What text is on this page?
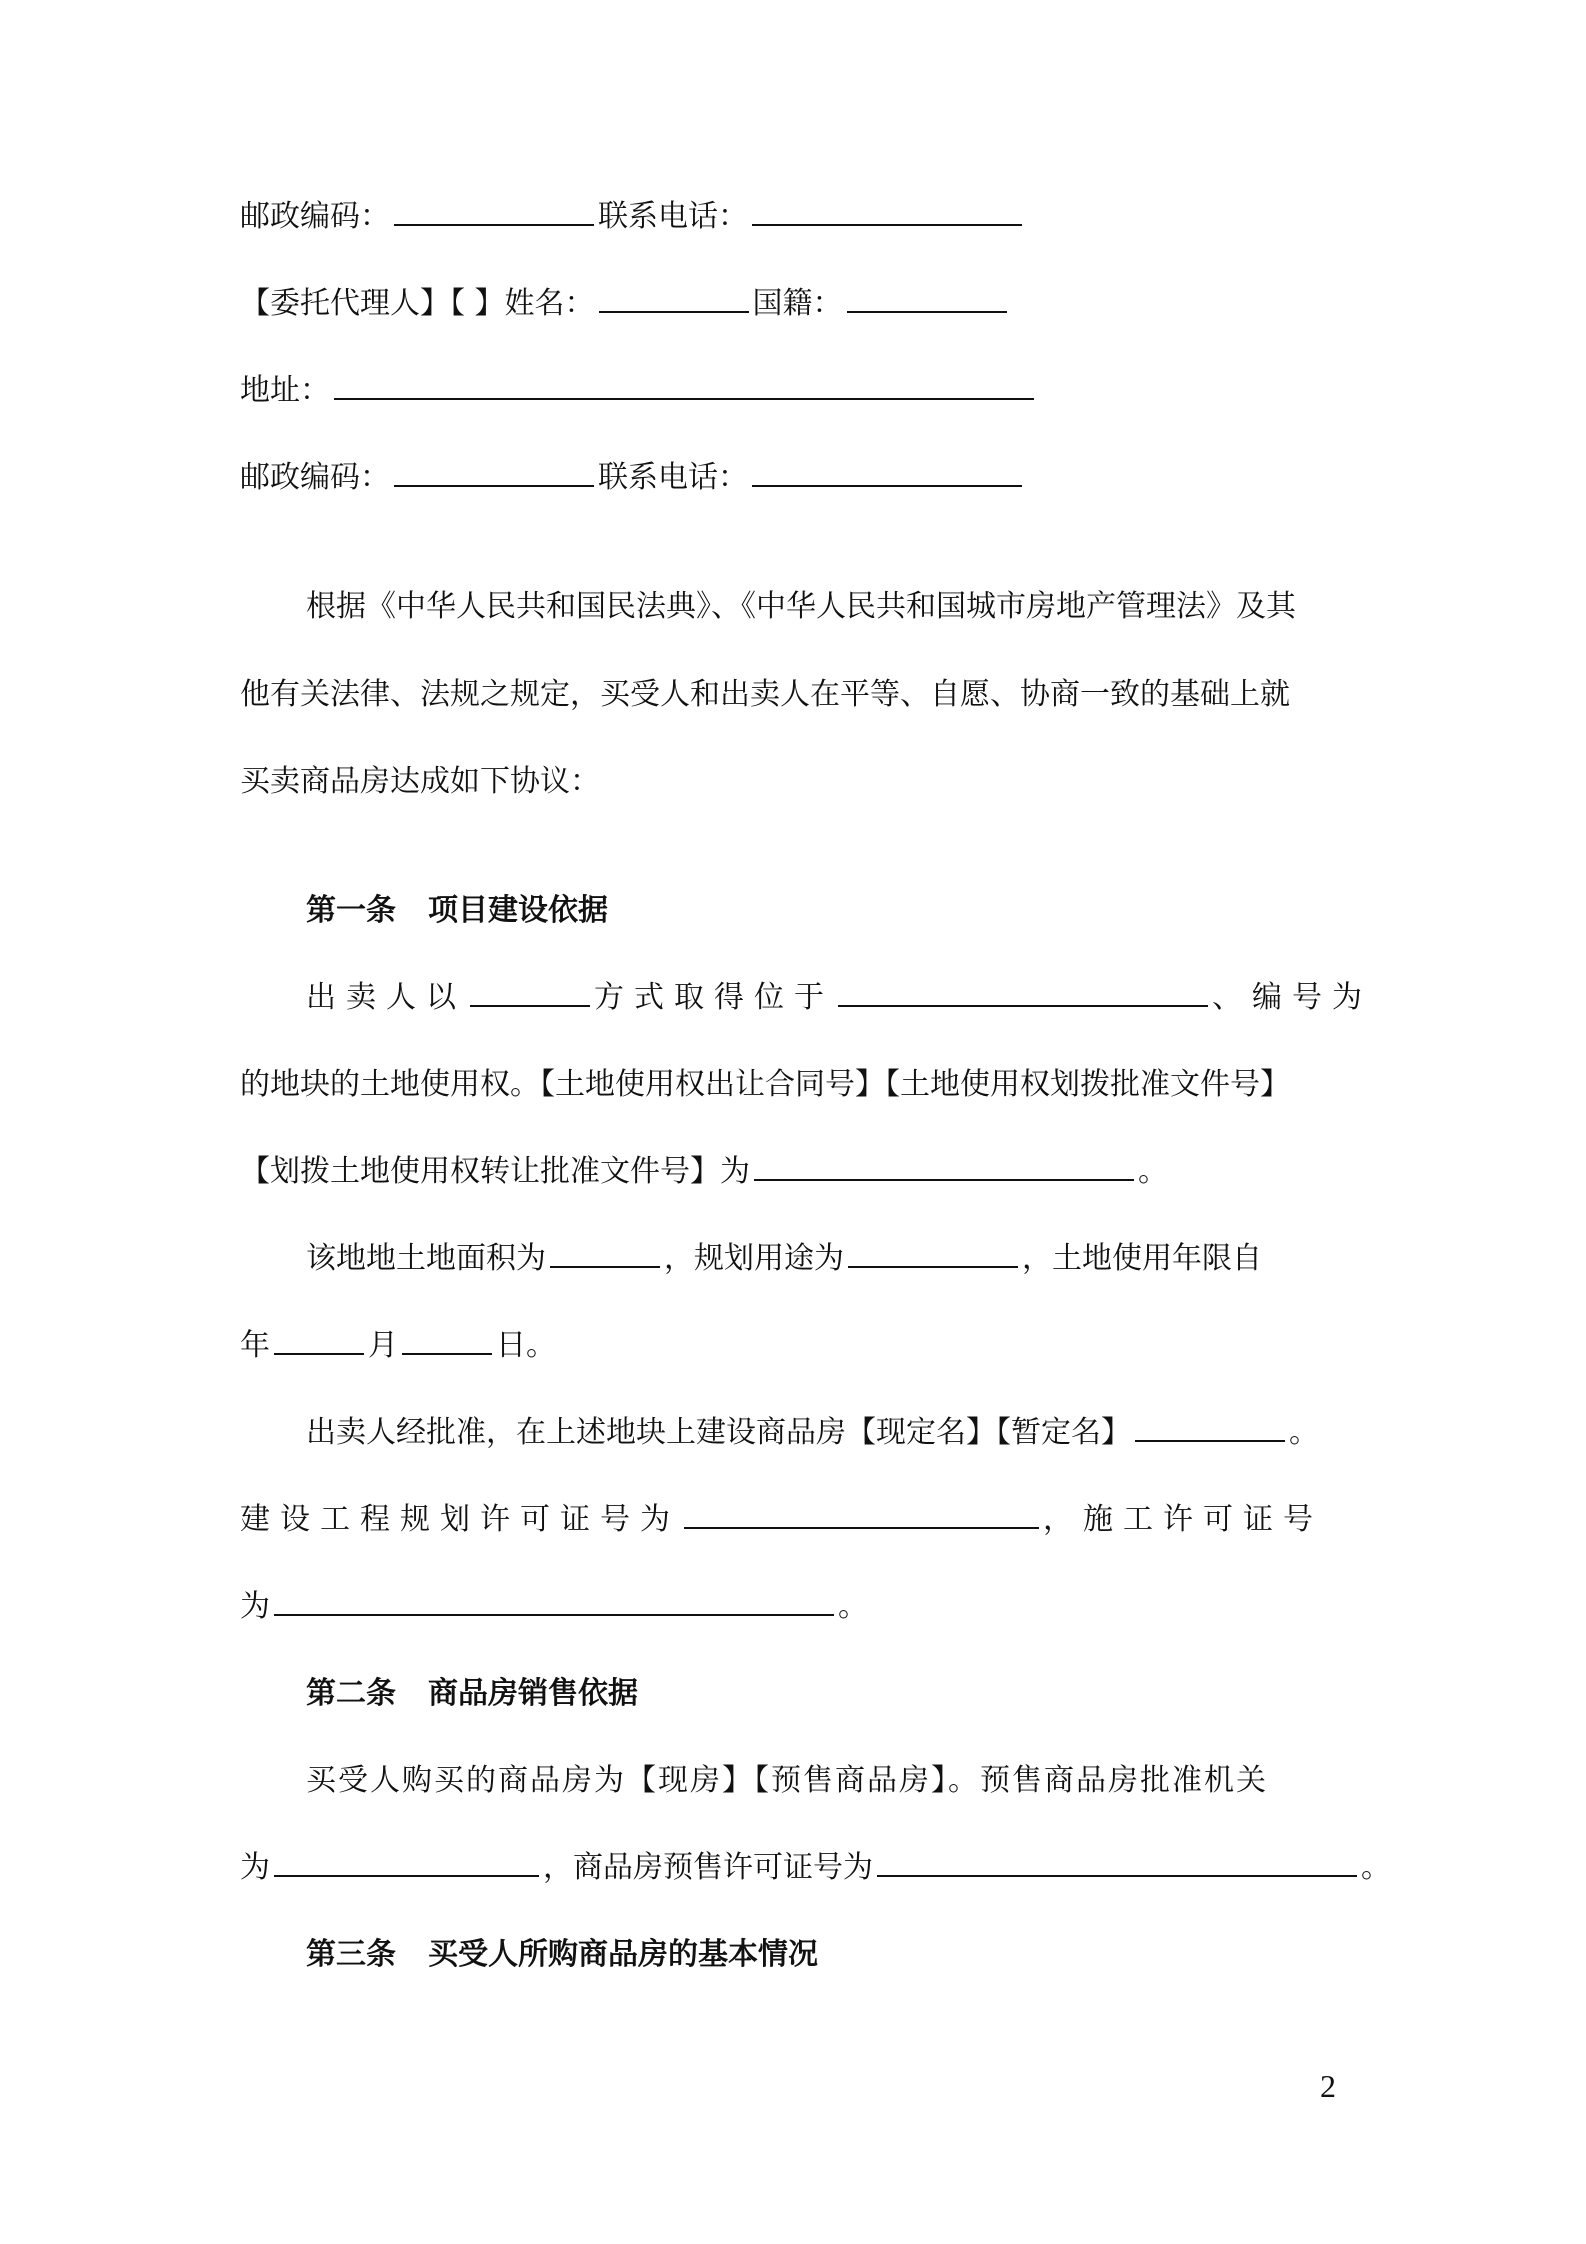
邮政编码：	联系电话：
【委托代理人】【 】姓名：	国籍：
地址：
邮政编码：	联系电话：
根据《中华人民共和国民法典》、《中华人民共和国城市房地产管理法》及其
他有关法律、法规之规定，买受人和出卖人在平等、自愿、协商一致的基础上就
买卖商品房达成如下协议：
第一条 项目建设依据
出卖人以	方式取得位于	、编号为
的地块的土地使用权。【土地使用权出让合同号】【土地使用权划拨批准文件号】
【划拨土地使用权转让批准文件号】为	。
该地地土地面积为	，规划用途为	，土地使用年限自
年	月	日。
出卖人经批准，在上述地块上建设商品房【现定名】【暂定名】	。
建设工程规划许可证号为	，施工许可证号
为	。
第二条 商品房销售依据
买受人购买的商品房为【现房】【预售商品房】。预售商品房批准机关
为	，商品房预售许可证号为	。
第三条 买受人所购商品房的基本情况
2
